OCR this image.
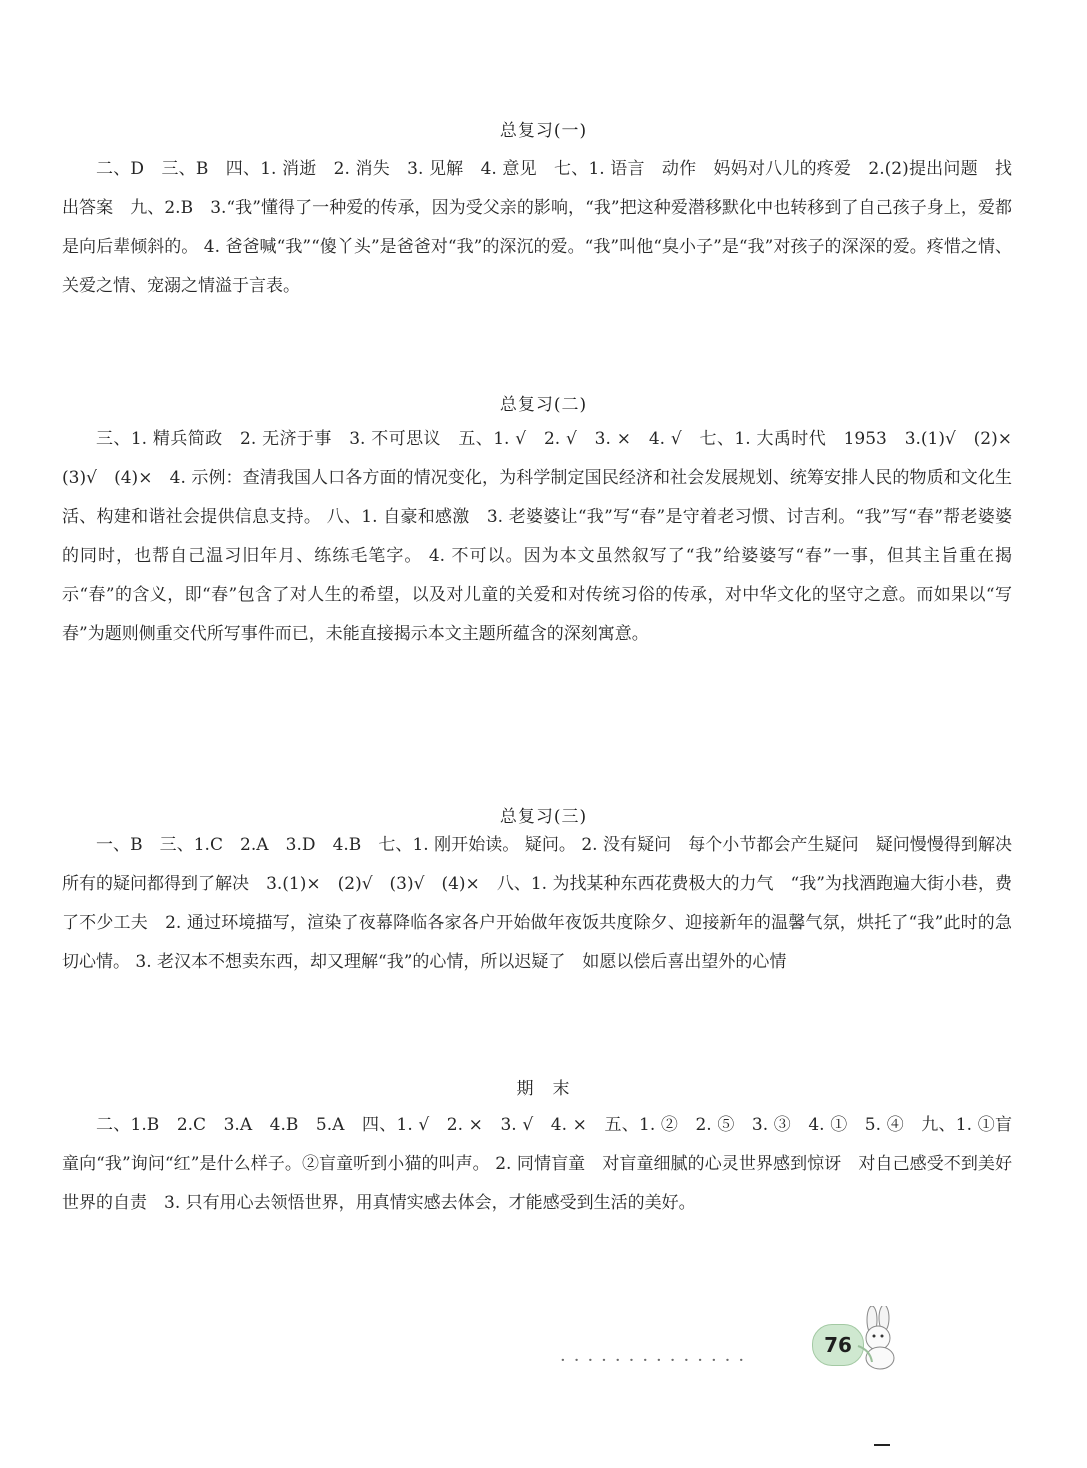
总复习(一)
二、D　三、B　四、1. 消逝　2. 消失　3. 见解　4. 意见　七、1. 语言　动作　妈妈对八儿的疼爱　2.(2)提出问题　找出答案　九、2.B　3.“我”懂得了一种爱的传承，因为受父亲的影响，“我”把这种爱潜移默化中也转移到了自己孩子身上，爱都是向后辈倾斜的。 4. 爸爸喊“我”“傻丫头”是爸爸对“我”的深沉的爱。“我”叫他“臭小子”是“我”对孩子的深深的爱。疼惜之情、关爱之情、宠溺之情溢于言表。
总复习(二)
三、1. 精兵简政　2. 无济于事　3. 不可思议　五、1. √　2. √　3. ×　4. √　七、1. 大禹时代　1953　3.(1)√　(2)×　(3)√　(4)×　4. 示例：查清我国人口各方面的情况变化，为科学制定国民经济和社会发展规划、统筹安排人民的物质和文化生活、构建和谐社会提供信息支持。 八、1. 自豪和感激　3. 老婆婆让“我”写“春”是守着老习惯、讨吉利。“我”写“春”帮老婆婆的同时，也帮自己温习旧年月、练练毛笔字。 4. 不可以。因为本文虽然叙写了“我”给婆婆写“春”一事，但其主旨重在揭示“春”的含义，即“春”包含了对人生的希望，以及对儿童的关爱和对传统习俗的传承，对中华文化的坚守之意。而如果以“写春”为题则侧重交代所写事件而已，未能直接揭示本文主题所蕴含的深刻寓意。
总复习(三)
一、B　三、1.C　2.A　3.D　4.B　七、1. 刚开始读。 疑问。 2. 没有疑问　每个小节都会产生疑问　疑问慢慢得到解决　所有的疑问都得到了解决　3.(1)×　(2)√　(3)√　(4)×　八、1. 为找某种东西花费极大的力气　“我”为找酒跑遍大街小巷，费了不少工夫　2. 通过环境描写，渲染了夜幕降临各家各户开始做年夜饭共度除夕、迎接新年的温馨气氛，烘托了“我”此时的急切心情。 3. 老汉本不想卖东西，却又理解“我”的心情，所以迟疑了　如愿以偿后喜出望外的心情
期　末
二、1.B　2.C　3.A　4.B　5.A　四、1. √　2. ×　3. √　4. ×　五、1. ②　2. ⑤　3. ③　4. ①　5. ④　九、1. ①盲童向“我”询问“红”是什么样子。②盲童听到小猫的叫声。 2. 同情盲童　对盲童细腻的心灵世界感到惊讶　对自己感受不到美好世界的自责　3. 只有用心去领悟世界，用真情实感去体会，才能感受到生活的美好。
··············
76
